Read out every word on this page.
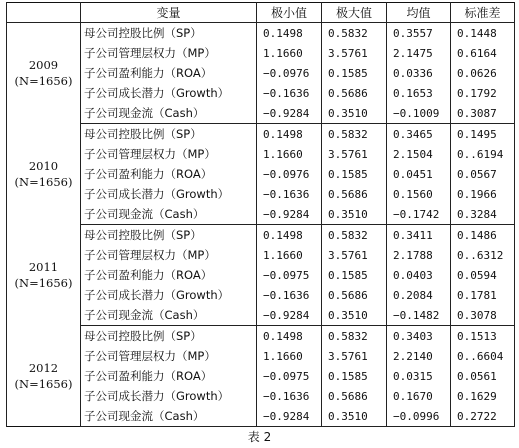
	变量	极小值	极大值	均值	标准差

2009
(N=1656)	母公司控股比例（SP）	0.1498	0.5832	0.3557	0.1448
	子公司管理层权力（MP）	1.1660	3.5761	2.1475	0.6164
	子公司盈利能力（ROA）	−0.0976	0.1585	0.0336	0.0626
	子公司成长潜力（Growth）	−0.1636	0.5686	0.1653	0.1792
	子公司现金流（Cash）	−0.9284	0.3510	−0.1009	0.3087

2010
(N=1656)	母公司控股比例（SP）	0.1498	0.5832	0.3465	0.1495
	子公司管理层权力（MP）	1.1660	3.5761	2.1504	0..6194
	子公司盈利能力（ROA）	−0.0976	0.1585	0.0451	0.0567
	子公司成长潜力（Growth）	−0.1636	0.5686	0.1560	0.1966
	子公司现金流（Cash）	−0.9284	0.3510	−0.1742	0.3284

2011
(N=1656)	母公司控股比例（SP）	0.1498	0.5832	0.3411	0.1486
	子公司管理层权力（MP）	1.1660	3.5761	2.1788	0..6312
	子公司盈利能力（ROA）	−0.0975	0.1585	0.0403	0.0594
	子公司成长潜力（Growth）	−0.1636	0.5686	0.2084	0.1781
	子公司现金流（Cash）	−0.9284	0.3510	−0.1482	0.3078

2012
(N=1656)	母公司控股比例（SP）	0.1498	0.5832	0.3403	0.1513
	子公司管理层权力（MP）	1.1660	3.5761	2.2140	0..6604
	子公司盈利能力（ROA）	−0.0975	0.1585	0.0315	0.0561
	子公司成长潜力（Growth）	−0.1636	0.5686	0.1670	0.1629
	子公司现金流（Cash）	−0.9284	0.3510	−0.0996	0.2722
表 2
